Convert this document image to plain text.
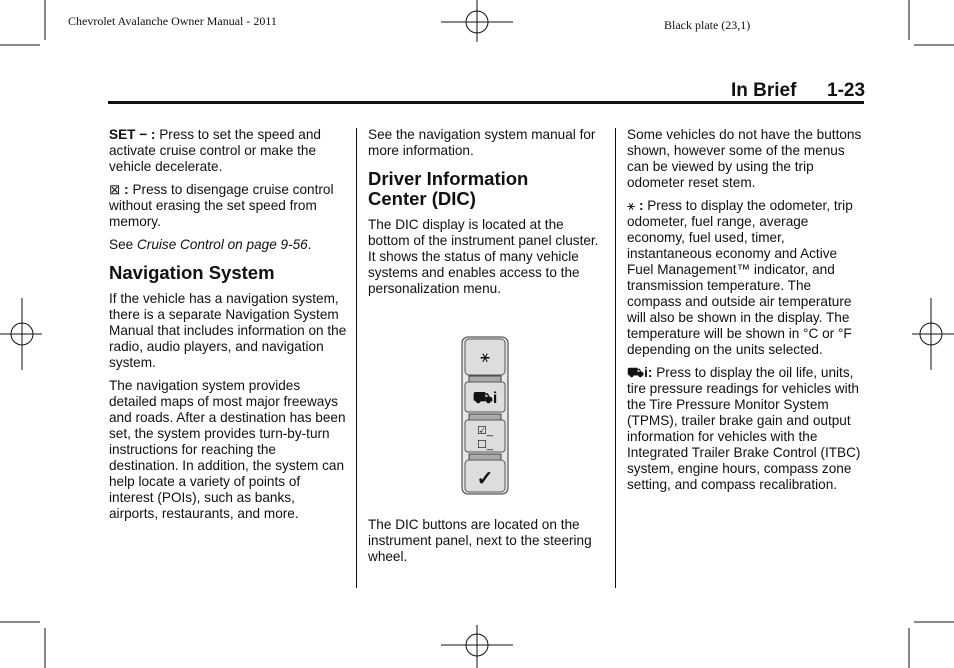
Chevrolet Avalanche Owner Manual - 2011	Black plate (23,1)
In Brief 1-23

SET − : Press to set the speed and activate cruise control or make the vehicle decelerate.

⊠ : Press to disengage cruise control without erasing the set speed from memory.

See Cruise Control on page 9-56.

Navigation System

If the vehicle has a navigation system, there is a separate Navigation System Manual that includes information on the radio, audio players, and navigation system.

The navigation system provides detailed maps of most major freeways and roads. After a destination has been set, the system provides turn-by-turn instructions for reaching the destination. In addition, the system can help locate a variety of points of interest (POIs), such as banks, airports, restaurants, and more.

See the navigation system manual for more information.

Driver Information Center (DIC)

The DIC display is located at the bottom of the instrument panel cluster. It shows the status of many vehicle systems and enables access to the personalization menu.

The DIC buttons are located on the instrument panel, next to the steering wheel.

⚹
⛟i
☑_
☐_
✓

Some vehicles do not have the buttons shown, however some of the menus can be viewed by using the trip odometer reset stem.

⚹ : Press to display the odometer, trip odometer, fuel range, average economy, fuel used, timer, instantaneous economy and Active Fuel Management™ indicator, and transmission temperature. The compass and outside air temperature will also be shown in the display. The temperature will be shown in °C or °F depending on the units selected.

⛟i: Press to display the oil life, units, tire pressure readings for vehicles with the Tire Pressure Monitor System (TPMS), trailer brake gain and output information for vehicles with the Integrated Trailer Brake Control (ITBC) system, engine hours, compass zone setting, and compass recalibration.
